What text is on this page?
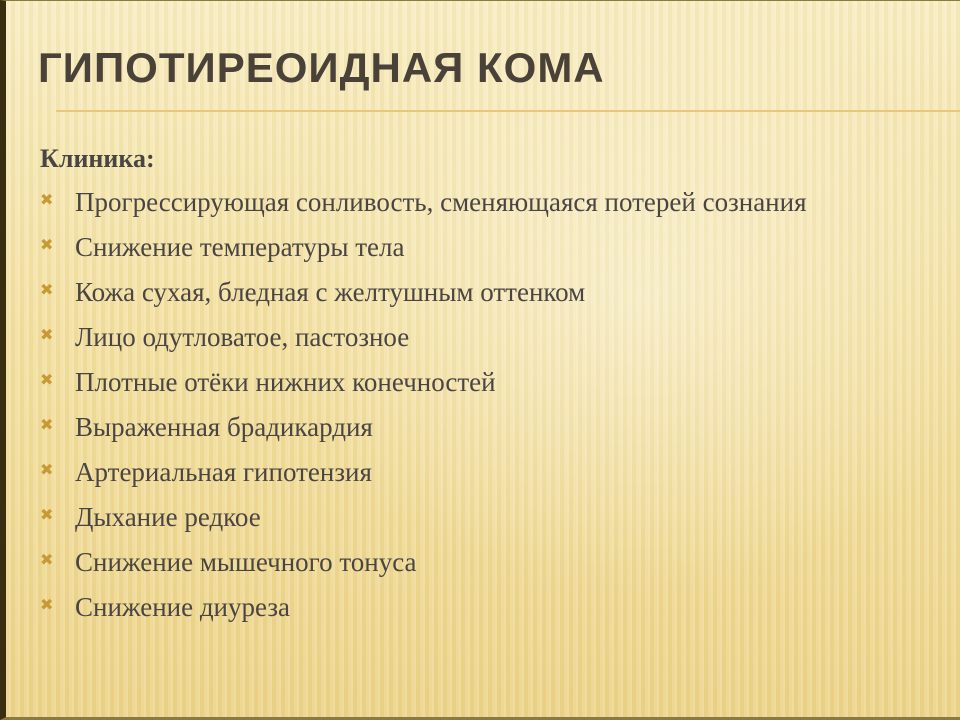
ГИПОТИРЕОИДНАЯ КОМА
Клиника:
✖ Прогрессирующая сонливость, сменяющаяся потерей сознания
✖ Снижение температуры тела
✖ Кожа сухая, бледная с желтушным оттенком
✖ Лицо одутловатое, пастозное
✖ Плотные отёки нижних конечностей
✖ Выраженная брадикардия
✖ Артериальная гипотензия
✖ Дыхание редкое
✖ Снижение мышечного тонуса
✖ Снижение диуреза
